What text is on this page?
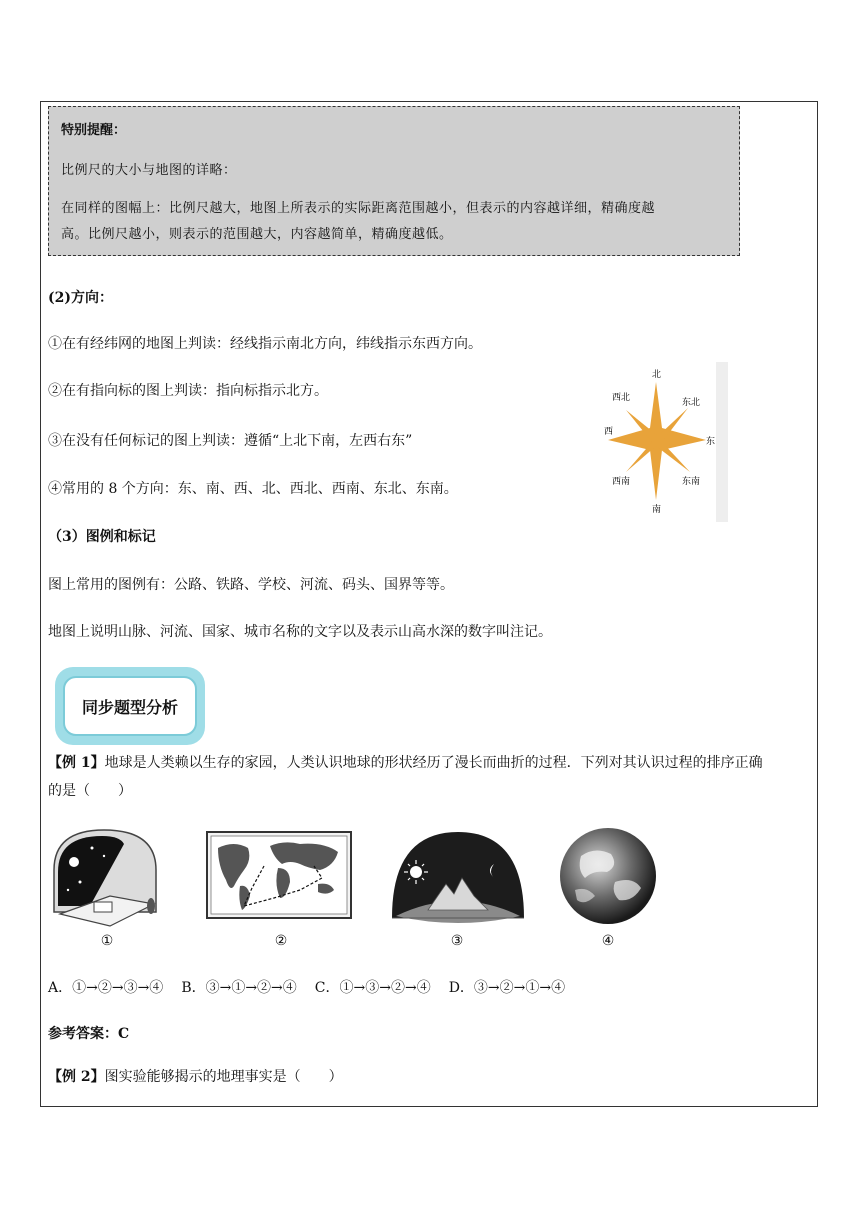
特别提醒：
比例尺的大小与地图的详略：
在同样的图幅上：比例尺越大，地图上所表示的实际距离范围越小，但表示的内容越详细，精确度越
高。比例尺越小，则表示的范围越大，内容越简单，精确度越低。
(2)方向：
①在有经纬网的地图上判读：经线指示南北方向，纬线指示东西方向。
②在有指向标的图上判读：指向标指示北方。
③在没有任何标记的图上判读：遵循“上北下南，左西右东”
④常用的 8 个方向：东、南、西、北、西北、西南、东北、东南。
北
南
东
西
西北	东北
西南	东南
（3）图例和标记
图上常用的图例有：公路、铁路、学校、河流、码头、国界等等。
地图上说明山脉、河流、国家、城市名称的文字以及表示山高水深的数字叫注记。
同步题型分析
【例 1】地球是人类赖以生存的家园，人类认识地球的形状经历了漫长而曲折的过程．下列对其认识过程的排序正确
的是（　　）
①	②	③	④
A．①→②→③→④ B．③→①→②→④ C．①→③→②→④ D．③→②→①→④
参考答案：C
【例 2】图实验能够揭示的地理事实是（　　）
